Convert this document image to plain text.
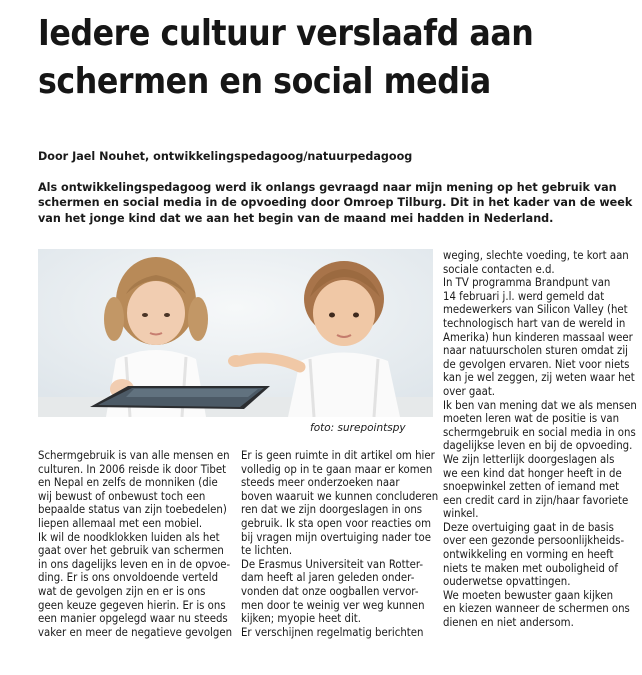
Iedere cultuur verslaafd aan
schermen en social media
Door Jael Nouhet, ontwikkelingspedagoog/natuurpedagoog
Als ontwikkelingspedagoog werd ik onlangs gevraagd naar mijn mening op het gebruik van
schermen en social media in de opvoeding door Omroep Tilburg. Dit in het kader van de week
van het jonge kind dat we aan het begin van de maand mei hadden in Nederland.
foto: surepointspy
Schermgebruik is van alle mensen en
culturen. In 2006 reisde ik door Tibet
en Nepal en zelfs de monniken (die
wij bewust of onbewust toch een
bepaalde status van zijn toebedelen)
liepen allemaal met een mobiel.
Ik wil de noodklokken luiden als het
gaat over het gebruik van schermen
in ons dagelijks leven en in de opvoe-
ding. Er is ons onvoldoende verteld
wat de gevolgen zijn en er is ons
geen keuze gegeven hierin. Er is ons
een manier opgelegd waar nu steeds
vaker en meer de negatieve gevolgen
Er is geen ruimte in dit artikel om hier
volledig op in te gaan maar er komen
steeds meer onderzoeken naar
boven waaruit we kunnen concluderen
ren dat we zijn doorgeslagen in ons
gebruik. Ik sta open voor reacties om
bij vragen mijn overtuiging nader toe
te lichten.
De Erasmus Universiteit van Rotter-
dam heeft al jaren geleden onder-
vonden dat onze oogballen vervor-
men door te weinig ver weg kunnen
kijken; myopie heet dit.
Er verschijnen regelmatig berichten
weging, slechte voeding, te kort aan
sociale contacten e.d.
In TV programma Brandpunt van
14 februari j.l. werd gemeld dat
medewerkers van Silicon Valley (het
technologisch hart van de wereld in
Amerika) hun kinderen massaal weer
naar natuurscholen sturen omdat zij
de gevolgen ervaren. Niet voor niets
kan je wel zeggen, zij weten waar het
over gaat.
Ik ben van mening dat we als mensen
moeten leren wat de positie is van
schermgebruik en social media in ons
dagelijkse leven en bij de opvoeding.
We zijn letterlijk doorgeslagen als
we een kind dat honger heeft in de
snoepwinkel zetten of iemand met
een credit card in zijn/haar favoriete
winkel.
Deze overtuiging gaat in de basis
over een gezonde persoonlijkheids-
ontwikkeling en vorming en heeft
niets te maken met ouboligheid of
ouderwetse opvattingen.
We moeten bewuster gaan kijken
en kiezen wanneer de schermen ons
dienen en niet andersom.
